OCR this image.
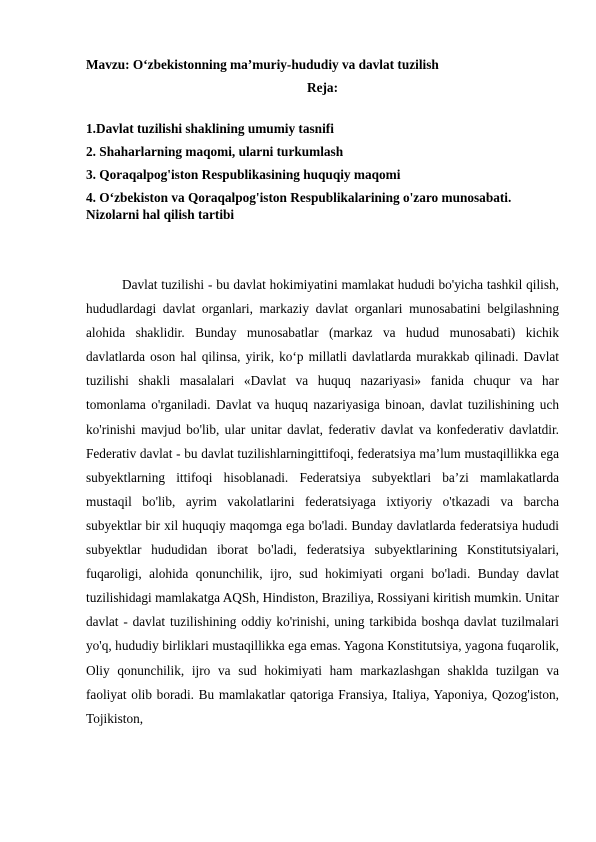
Mavzu: O‘zbekistonning ma’muriy-hududiy va davlat tuzilish

Reja:

1.Davlat tuzilishi shaklining umumiy tasnifi
2. Shaharlarning maqomi, ularni turkumlash
3. Qoraqalpog'iston Respublikasining huquqiy maqomi
4. O‘zbekiston va Qoraqalpog'iston Respublikalarining o'zaro munosabati.
Nizolarni hal qilish tartibi

Davlat tuzilishi - bu davlat hokimiyatini mamlakat hududi bo'yicha tashkil qilish, hududlardagi davlat organlari, markaziy davlat organlari munosabatini belgilashning alohida shaklidir. Bunday munosabatlar (markaz va hudud munosabati) kichik davlatlarda oson hal qilinsa, yirik, ko‘p millatli davlatlarda murakkab qilinadi. Davlat tuzilishi shakli masalalari «Davlat va huquq nazariyasi» fanida chuqur va har tomonlama o'rganiladi. Davlat va huquq nazariyasiga binoan, davlat tuzilishining uch ko'rinishi mavjud bo'lib, ular unitar davlat, federativ davlat va konfederativ davlatdir. Federativ davlat - bu davlat tuzilishlarningittifoqi, federatsiya ma’lum mustaqillikka ega subyektlarning ittifoqi hisoblanadi. Federatsiya subyektlari ba’zi mamlakatlarda mustaqil bo'lib, ayrim vakolatlarini federatsiyaga ixtiyoriy o'tkazadi va barcha subyektlar bir xil huquqiy maqomga ega bo'ladi. Bunday davlatlarda federatsiya hududi subyektlar hududidan iborat bo'ladi, federatsiya subyektlarining Konstitutsiyalari, fuqaroligi, alohida qonunchilik, ijro, sud hokimiyati organi bo'ladi. Bunday davlat tuzilishidagi mamlakatga AQSh, Hindiston, Braziliya, Rossiyani kiritish mumkin. Unitar davlat - davlat tuzilishining oddiy ko'rinishi, uning tarkibida boshqa davlat tuzilmalari yo'q, hududiy birliklari mustaqillikka ega emas. Yagona Konstitutsiya, yagona fuqarolik, Oliy qonunchilik, ijro va sud hokimiyati ham markazlashgan shaklda tuzilgan va faoliyat olib boradi. Bu mamlakatlar qatoriga Fransiya, Italiya, Yaponiya, Qozog'iston, Tojikiston,
